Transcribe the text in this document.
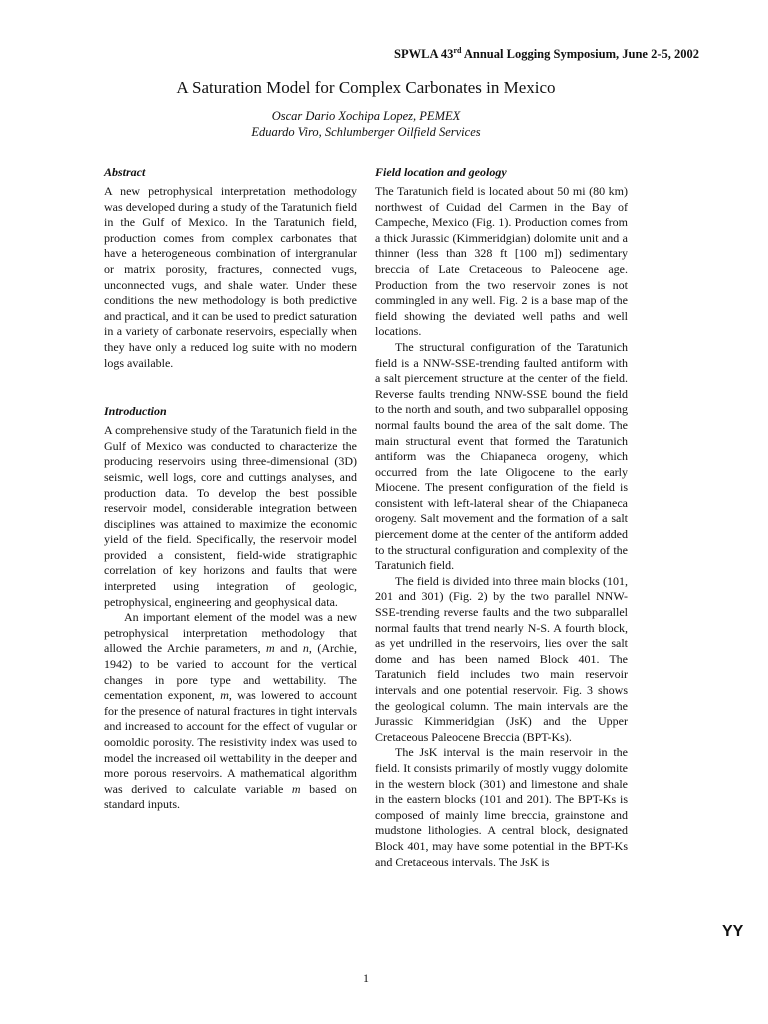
SPWLA 43rd Annual Logging Symposium, June 2-5, 2002
A Saturation Model for Complex Carbonates in Mexico
Oscar Dario Xochipa Lopez, PEMEX
Eduardo Viro, Schlumberger Oilfield Services
Abstract

A new petrophysical interpretation methodology was developed during a study of the Taratunich field in the Gulf of Mexico. In the Taratunich field, production comes from complex carbonates that have a heterogeneous combination of intergranular or matrix porosity, fractures, connected vugs, unconnected vugs, and shale water. Under these conditions the new methodology is both predictive and practical, and it can be used to predict saturation in a variety of carbonate reservoirs, especially when they have only a reduced log suite with no modern logs available.

Introduction

A comprehensive study of the Taratunich field in the Gulf of Mexico was conducted to characterize the producing reservoirs using three-dimensional (3D) seismic, well logs, core and cuttings analyses, and production data. To develop the best possible reservoir model, considerable integration between disciplines was attained to maximize the economic yield of the field. Specifically, the reservoir model provided a consistent, field-wide stratigraphic correlation of key horizons and faults that were interpreted using integration of geologic, petrophysical, engineering and geophysical data.

An important element of the model was a new petrophysical interpretation methodology that allowed the Archie parameters, m and n, (Archie, 1942) to be varied to account for the vertical changes in pore type and wettability. The cementation exponent, m, was lowered to account for the presence of natural fractures in tight intervals and increased to account for the effect of vugular or oomoldic porosity. The resistivity index was used to model the increased oil wettability in the deeper and more porous reservoirs. A mathematical algorithm was derived to calculate variable m based on standard inputs.

Field location and geology

The Taratunich field is located about 50 mi (80 km) northwest of Cuidad del Carmen in the Bay of Campeche, Mexico (Fig. 1). Production comes from a thick Jurassic (Kimmeridgian) dolomite unit and a thinner (less than 328 ft [100 m]) sedimentary breccia of Late Cretaceous to Paleocene age. Production from the two reservoir zones is not commingled in any well. Fig. 2 is a base map of the field showing the deviated well paths and well locations.

The structural configuration of the Taratunich field is a NNW-SSE-trending faulted antiform with a salt piercement structure at the center of the field. Reverse faults trending NNW-SSE bound the field to the north and south, and two subparallel opposing normal faults bound the area of the salt dome. The main structural event that formed the Taratunich antiform was the Chiapaneca orogeny, which occurred from the late Oligocene to the early Miocene. The present configuration of the field is consistent with left-lateral shear of the Chiapaneca orogeny. Salt movement and the formation of a salt piercement dome at the center of the antiform added to the structural configuration and complexity of the Taratunich field.

The field is divided into three main blocks (101, 201 and 301) (Fig. 2) by the two parallel NNW-SSE-trending reverse faults and the two subparallel normal faults that trend nearly N-S. A fourth block, as yet undrilled in the reservoirs, lies over the salt dome and has been named Block 401. The Taratunich field includes two main reservoir intervals and one potential reservoir. Fig. 3 shows the geological column. The main intervals are the Jurassic Kimmeridgian (JsK) and the Upper Cretaceous Paleocene Breccia (BPT-Ks).

The JsK interval is the main reservoir in the field. It consists primarily of mostly vuggy dolomite in the western block (301) and limestone and shale in the eastern blocks (101 and 201). The BPT-Ks is composed of mainly lime breccia, grainstone and mudstone lithologies. A central block, designated Block 401, may have some potential in the BPT-Ks and Cretaceous intervals. The JsK is

YY
1
